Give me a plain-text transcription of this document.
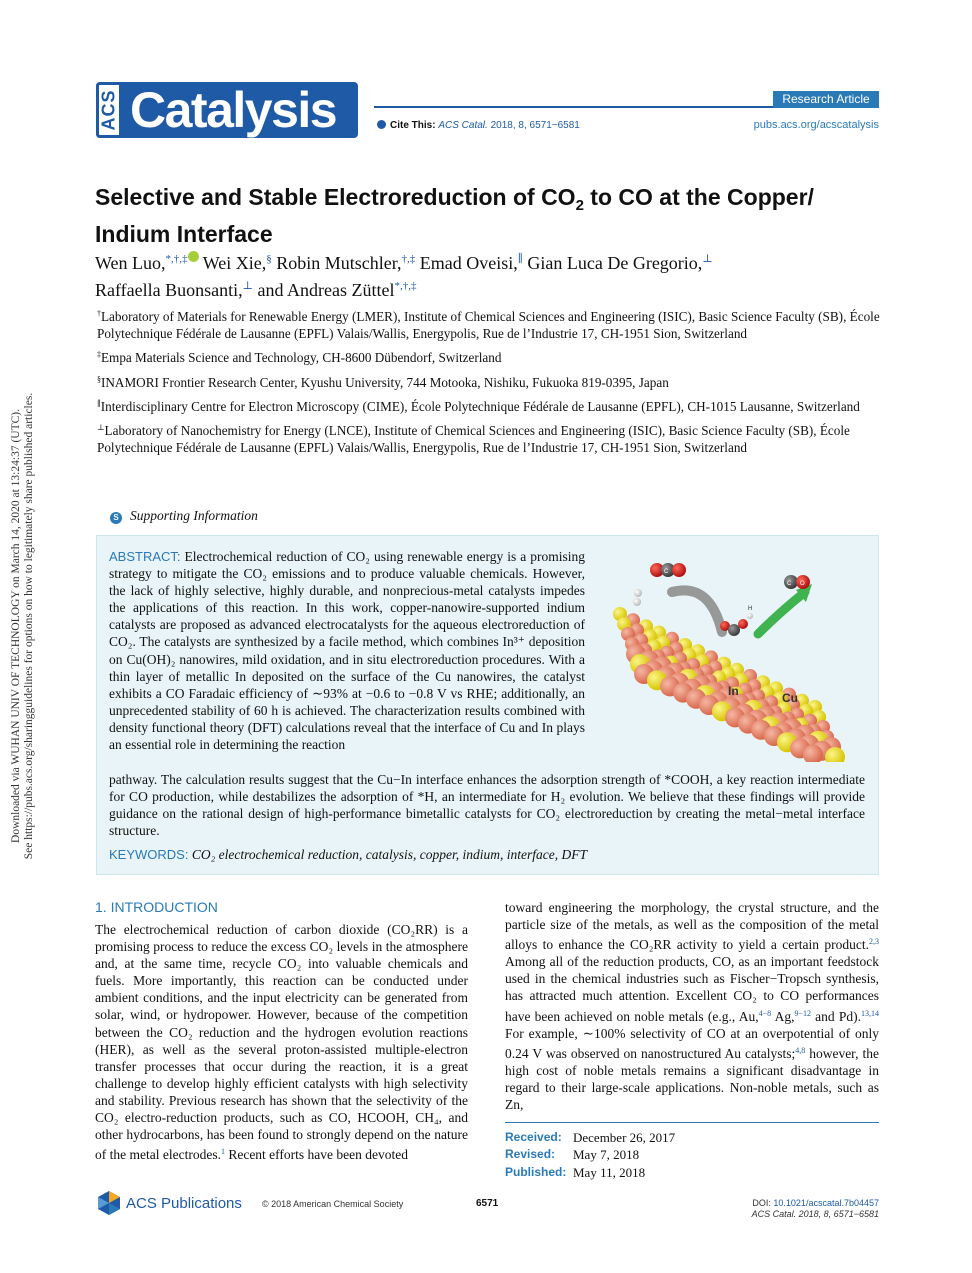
ACS Catalysis	Research Article
Cite This: ACS Catal. 2018, 8, 6571−6581	pubs.acs.org/acscatalysis
Selective and Stable Electroreduction of $CO_2$ to CO at the Copper/ Indium Interface
Wen Luo,*,†,‡ Wei Xie,§ Robin Mutschler,†,‡ Emad Oveisi,∥ Gian Luca De Gregorio,⊥
Raffaella Buonsanti,⊥ and Andreas Züttel*,†,‡
†Laboratory of Materials for Renewable Energy (LMER), Institute of Chemical Sciences and Engineering (ISIC), Basic Science Faculty (SB), École Polytechnique Fédérale de Lausanne (EPFL) Valais/Wallis, Energypolis, Rue de l’Industrie 17, CH-1951 Sion, Switzerland
‡Empa Materials Science and Technology, CH-8600 Dübendorf, Switzerland
§INAMORI Frontier Research Center, Kyushu University, 744 Motooka, Nishiku, Fukuoka 819-0395, Japan
∥Interdisciplinary Centre for Electron Microscopy (CIME), École Polytechnique Fédérale de Lausanne (EPFL), CH-1015 Lausanne, Switzerland
⊥Laboratory of Nanochemistry for Energy (LNCE), Institute of Chemical Sciences and Engineering (ISIC), Basic Science Faculty (SB), École Polytechnique Fédérale de Lausanne (EPFL) Valais/Wallis, Energypolis, Rue de l’Industrie 17, CH-1951 Sion, Switzerland
S Supporting Information
ABSTRACT: Electrochemical reduction of CO₂ using renewable energy is a promising strategy to mitigate the CO₂ emissions and to produce valuable chemicals. However, the lack of highly selective, highly durable, and nonprecious-metal catalysts impedes the applications of this reaction. In this work, copper-nanowire-supported indium catalysts are proposed as advanced electrocatalysts for the aqueous electroreduction of CO₂. The catalysts are synthesized by a facile method, which combines In³⁺ deposition on Cu(OH)₂ nanowires, mild oxidation, and in situ electroreduction procedures. With a thin layer of metallic In deposited on the surface of the Cu nanowires, the catalyst exhibits a CO Faradaic efficiency of ∼93% at −0.6 to −0.8 V vs RHE; additionally, an unprecedented stability of 60 h is achieved. The characterization results combined with density functional theory (DFT) calculations reveal that the interface of Cu and In plays an essential role in determining the reaction
pathway. The calculation results suggest that the Cu−In interface enhances the adsorption strength of *COOH, a key reaction intermediate for CO production, while destabilizes the adsorption of *H, an intermediate for H₂ evolution. We believe that these findings will provide guidance on the rational design of high-performance bimetallic catalysts for CO₂ electroreduction by creating the metal−metal interface structure.
KEYWORDS: CO₂ electrochemical reduction, catalysis, copper, indium, interface, DFT
C
C O
H
In	Cu
1. INTRODUCTION
The electrochemical reduction of carbon dioxide (CO₂RR) is a promising process to reduce the excess CO₂ levels in the atmosphere and, at the same time, recycle CO₂ into valuable chemicals and fuels. More importantly, this reaction can be conducted under ambient conditions, and the input electricity can be generated from solar, wind, or hydropower. However, because of the competition between the CO₂ reduction and the hydrogen evolution reactions (HER), as well as the several proton-assisted multiple-electron transfer processes that occur during the reaction, it is a great challenge to develop highly efficient catalysts with high selectivity and stability. Previous research has shown that the selectivity of the CO₂ electro-reduction products, such as CO, HCOOH, CH₄, and other hydrocarbons, has been found to strongly depend on the nature of the metal electrodes.$^1$ Recent efforts have been devoted
toward engineering the morphology, the crystal structure, and the particle size of the metals, as well as the composition of the metal alloys to enhance the CO₂RR activity to yield a certain product.$^{2,3}$ Among all of the reduction products, CO, as an important feedstock used in the chemical industries such as Fischer−Tropsch synthesis, has attracted much attention. Excellent CO₂ to CO performances have been achieved on noble metals (e.g., Au,$^{4-8}$ Ag,$^{9-12}$ and Pd).$^{13,14}$ For example, ∼100% selectivity of CO at an overpotential of only 0.24 V was observed on nanostructured Au catalysts;$^{4,8}$ however, the high cost of noble metals remains a significant disadvantage in regard to their large-scale applications. Non-noble metals, such as Zn,
Received: December 26, 2017
Revised:	May 7, 2018
Published: May 11, 2018
ACS Publications © 2018 American Chemical Society	6571	DOI: 10.1021/acscatal.7b04457
ACS Catal. 2018, 8, 6571−6581
Downloaded via WUHAN UNIV OF TECHNOLOGY on March 14, 2020 at 13:24:37 (UTC). See https://pubs.acs.org/sharingguidelines for options on how to legitimately share published articles.
